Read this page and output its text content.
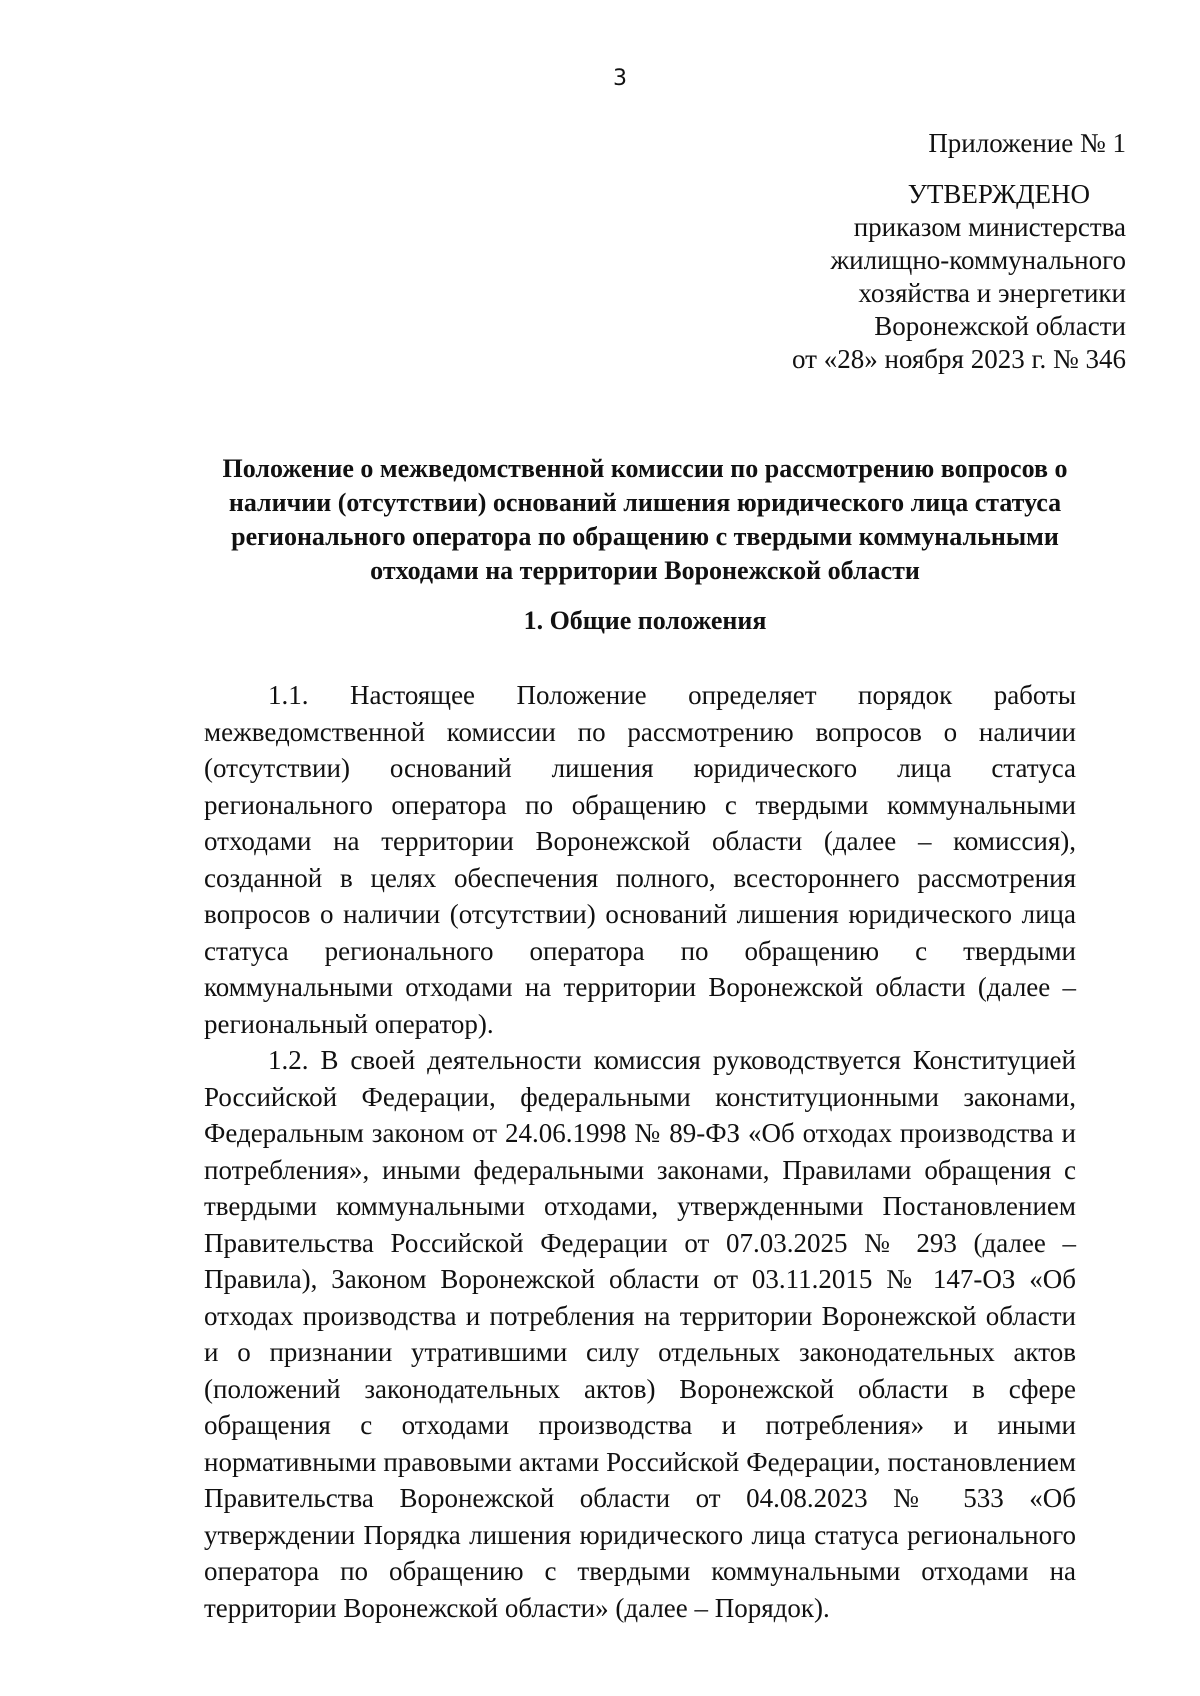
3
Приложение № 1
УТВЕРЖДЕНО
приказом министерства
жилищно-коммунального
хозяйства и энергетики
Воронежской области
от «28» ноября 2023 г. № 346
Положение о межведомственной комиссии по рассмотрению вопросов о наличии (отсутствии) оснований лишения юридического лица статуса регионального оператора по обращению с твердыми коммунальными отходами на территории Воронежской области
1. Общие положения

1.1. Настоящее Положение определяет порядок работы межведомственной комиссии по рассмотрению вопросов о наличии (отсутствии) оснований лишения юридического лица статуса регионального оператора по обращению с твердыми коммунальными отходами на территории Воронежской области (далее – комиссия), созданной в целях обеспечения полного, всестороннего рассмотрения вопросов о наличии (отсутствии) оснований лишения юридического лица статуса регионального оператора по обращению с твердыми коммунальными отходами на территории Воронежской области (далее – региональный оператор).

1.2. В своей деятельности комиссия руководствуется Конституцией Российской Федерации, федеральными конституционными законами, Федеральным законом от 24.06.1998 № 89-ФЗ «Об отходах производства и потребления», иными федеральными законами, Правилами обращения с твердыми коммунальными отходами, утвержденными Постановлением Правительства Российской Федерации от 07.03.2025 № 293 (далее – Правила), Законом Воронежской области от 03.11.2015 № 147-ОЗ «Об отходах производства и потребления на территории Воронежской области и о признании утратившими силу отдельных законодательных актов (положений законодательных актов) Воронежской области в сфере обращения с отходами производства и потребления» и иными нормативными правовыми актами Российской Федерации, постановлением Правительства Воронежской области от 04.08.2023 № 533 «Об утверждении Порядка лишения юридического лица статуса регионального оператора по обращению с твердыми коммунальными отходами на территории Воронежской области» (далее – Порядок).
